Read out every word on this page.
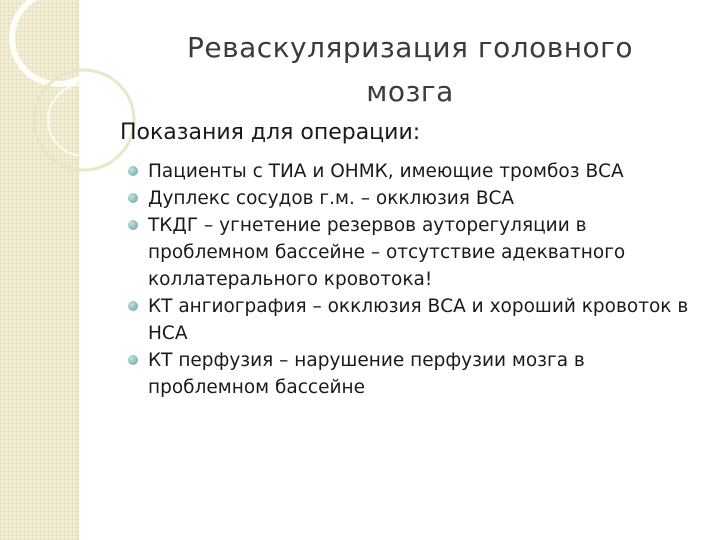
Реваскуляризация головного
мозга
Показания для операции:
Пациенты с ТИА и ОНМК, имеющие тромбоз ВСА
Дуплекс сосудов г.м. – окклюзия ВСА
ТКДГ – угнетение резервов ауторегуляции в проблемном бассейне – отсутствие адекватного коллатерального кровотока!
КТ ангиография – окклюзия ВСА и хороший кровоток в НСА
КТ перфузия – нарушение перфузии мозга в проблемном бассейне
